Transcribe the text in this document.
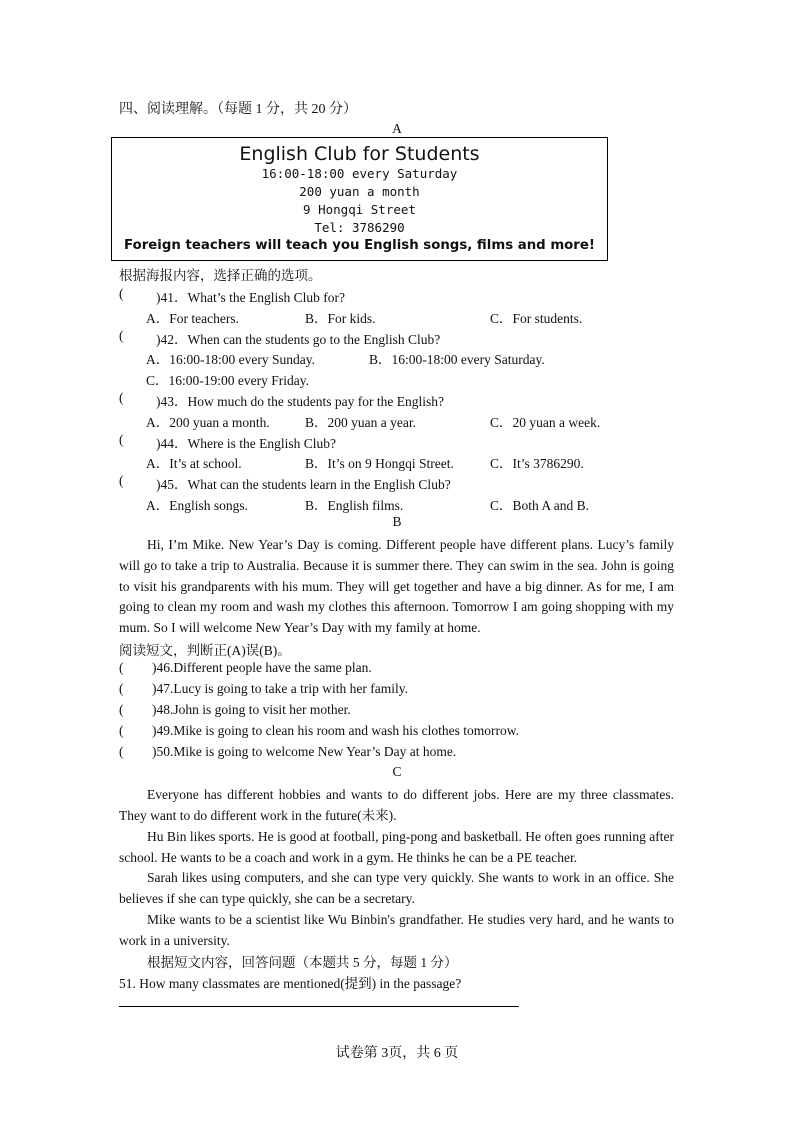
四、阅读理解。（每题 1 分，共 20 分）
A
English Club for Students
16:00-18:00 every Saturday
200 yuan a month
9 Hongqi Street
Tel: 3786290
Foreign teachers will teach you English songs, films and more!
根据海报内容，选择正确的选项。
( )41．What’s the English Club for?
A．For teachers.	B．For kids.	C．For students.
( )42．When can the students go to the English Club?
A．16:00-18:00 every Sunday.	B．16:00-18:00 every Saturday.
C．16:00-19:00 every Friday.
( )43．How much do the students pay for the English?
A．200 yuan a month.	B．200 yuan a year.	C．20 yuan a week.
( )44．Where is the English Club?
A．It’s at school.	B．It’s on 9 Hongqi Street.	C．It’s 3786290.
( )45．What can the students learn in the English Club?
A．English songs.	B．English films.	C．Both A and B.
B
Hi, I’m Mike. New Year’s Day is coming. Different people have different plans. Lucy’s family will go to take a trip to Australia. Because it is summer there. They can swim in the sea. John is going to visit his grandparents with his mum. They will get together and have a big dinner. As for me, I am going to clean my room and wash my clothes this afternoon. Tomorrow I am going shopping with my mum. So I will welcome New Year’s Day with my family at home.
阅读短文，判断正(A)误(B)。
( )46.Different people have the same plan.
( )47.Lucy is going to take a trip with her family.
( )48.John is going to visit her mother.
( )49.Mike is going to clean his room and wash his clothes tomorrow.
( )50.Mike is going to welcome New Year’s Day at home.
C
Everyone has different hobbies and wants to do different jobs. Here are my three classmates. They want to do different work in the future(未来).
Hu Bin likes sports. He is good at football, ping-pong and basketball. He often goes running after school. He wants to be a coach and work in a gym. He thinks he can be a PE teacher.
Sarah likes using computers, and she can type very quickly. She wants to work in an office. She believes if she can type quickly, she can be a secretary.
Mike wants to be a scientist like Wu Binbin's grandfather. He studies very hard, and he wants to work in a university.
根据短文内容，回答问题（本题共 5 分，每题 1 分）
51. How many classmates are mentioned(提到) in the passage?
试卷第 3页，共 6 页
